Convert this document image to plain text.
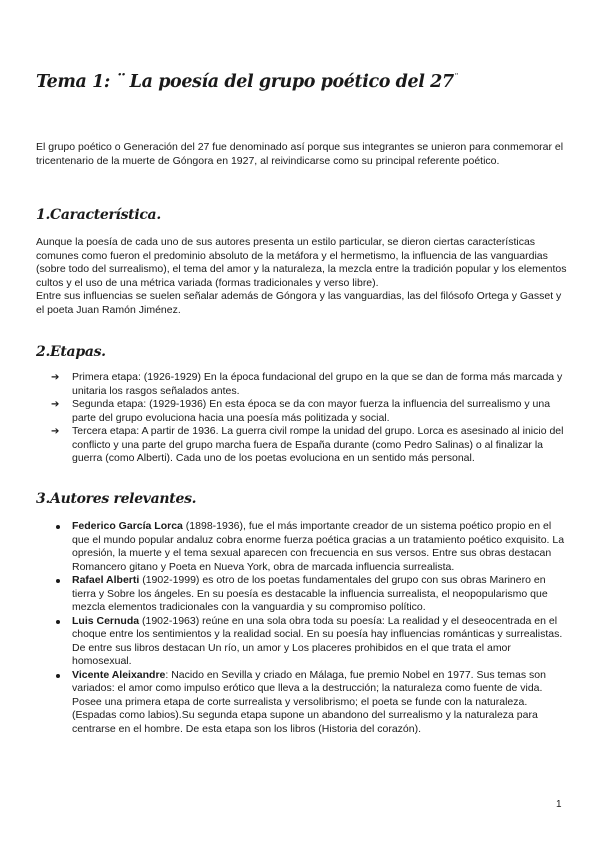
Tema 1: ¨ La poesía del grupo poético del 27¨

El grupo poético o Generación del 27 fue denominado así porque sus integrantes se unieron para conmemorar el tricentenario de la muerte de Góngora en 1927, al reivindicarse como su principal referente poético.

1.Característica.

Aunque la poesía de cada uno de sus autores presenta un estilo particular, se dieron ciertas características comunes como fueron el predominio absoluto de la metáfora y el hermetismo, la influencia de las vanguardias (sobre todo del surrealismo), el tema del amor y la naturaleza, la mezcla entre la tradición popular y los elementos cultos y el uso de una métrica variada (formas tradicionales y verso libre).

Entre sus influencias se suelen señalar además de Góngora y las vanguardias, las del filósofo Ortega y Gasset y el poeta Juan Ramón Jiménez.

2.Etapas.
➔ Primera etapa: (1926-1929) En la época fundacional del grupo en la que se dan de forma más marcada y unitaria los rasgos señalados antes.
➔ Segunda etapa: (1929-1936) En esta época se da con mayor fuerza la influencia del surrealismo y una parte del grupo evoluciona hacia una poesía más politizada y social.
➔ Tercera etapa: A partir de 1936. La guerra civil rompe la unidad del grupo. Lorca es asesinado al inicio del conflicto y una parte del grupo marcha fuera de España durante (como Pedro Salinas) o al finalizar la guerra (como Alberti). Cada uno de los poetas evoluciona en un sentido más personal.
3.Autores relevantes.
Federico García Lorca (1898-1936), fue el más importante creador de un sistema poético propio en el que el mundo popular andaluz cobra enorme fuerza poética gracias a un tratamiento poético exquisito. La opresión, la muerte y el tema sexual aparecen con frecuencia en sus versos. Entre sus obras destacan Romancero gitano y Poeta en Nueva York, obra de marcada influencia surrealista.
Rafael Alberti (1902-1999) es otro de los poetas fundamentales del grupo con sus obras Marinero en tierra y Sobre los ángeles. En su poesía es destacable la influencia surrealista, el neopopularismo que mezcla elementos tradicionales con la vanguardia y su compromiso político.
Luis Cernuda (1902-1963) reúne en una sola obra toda su poesía: La realidad y el deseocentrada en el choque entre los sentimientos y la realidad social. En su poesía hay influencias románticas y surrealistas. De entre sus libros destacan Un río, un amor y Los placeres prohibidos en el que trata el amor homosexual.
Vicente Aleixandre: Nacido en Sevilla y criado en Málaga, fue premio Nobel en 1977. Sus temas son variados: el amor como impulso erótico que lleva a la destrucción; la naturaleza como fuente de vida. Posee una primera etapa de corte surrealista y versolibrismo; el poeta se funde con la naturaleza.(Espadas como labios).Su segunda etapa supone un abandono del surrealismo y la naturaleza para centrarse en el hombre. De esta etapa son los libros (Historia del corazón).
1
